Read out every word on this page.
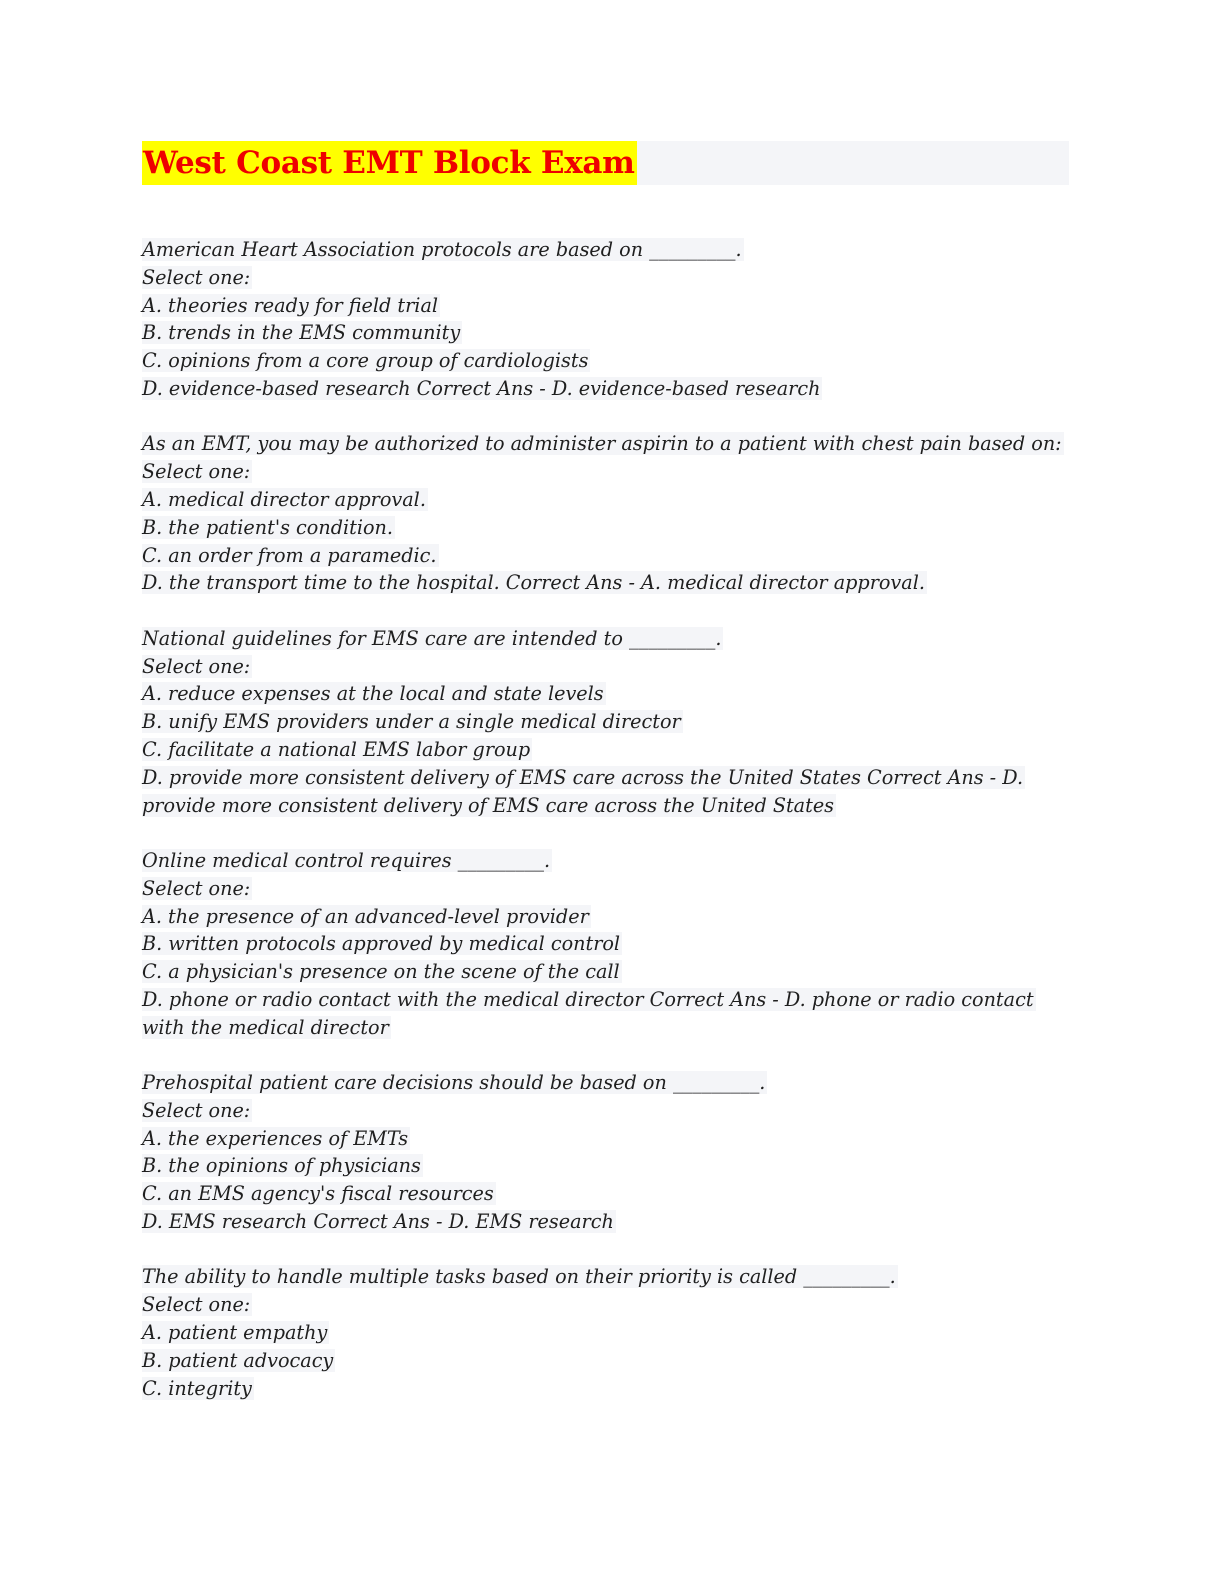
West Coast EMT Block Exam
American Heart Association protocols are based on _________.
Select one:
A. theories ready for field trial
B. trends in the EMS community
C. opinions from a core group of cardiologists
D. evidence-based research Correct Ans - D. evidence-based research
As an EMT, you may be authorized to administer aspirin to a patient with chest pain based on:
Select one:
A. medical director approval.
B. the patient's condition.
C. an order from a paramedic.
D. the transport time to the hospital. Correct Ans - A. medical director approval.
National guidelines for EMS care are intended to _________.
Select one:
A. reduce expenses at the local and state levels
B. unify EMS providers under a single medical director
C. facilitate a national EMS labor group
D. provide more consistent delivery of EMS care across the United States Correct Ans - D.
provide more consistent delivery of EMS care across the United States
Online medical control requires _________.
Select one:
A. the presence of an advanced-level provider
B. written protocols approved by medical control
C. a physician's presence on the scene of the call
D. phone or radio contact with the medical director Correct Ans - D. phone or radio contact
with the medical director
Prehospital patient care decisions should be based on _________.
Select one:
A. the experiences of EMTs
B. the opinions of physicians
C. an EMS agency's fiscal resources
D. EMS research Correct Ans - D. EMS research
The ability to handle multiple tasks based on their priority is called _________.
Select one:
A. patient empathy
B. patient advocacy
C. integrity
